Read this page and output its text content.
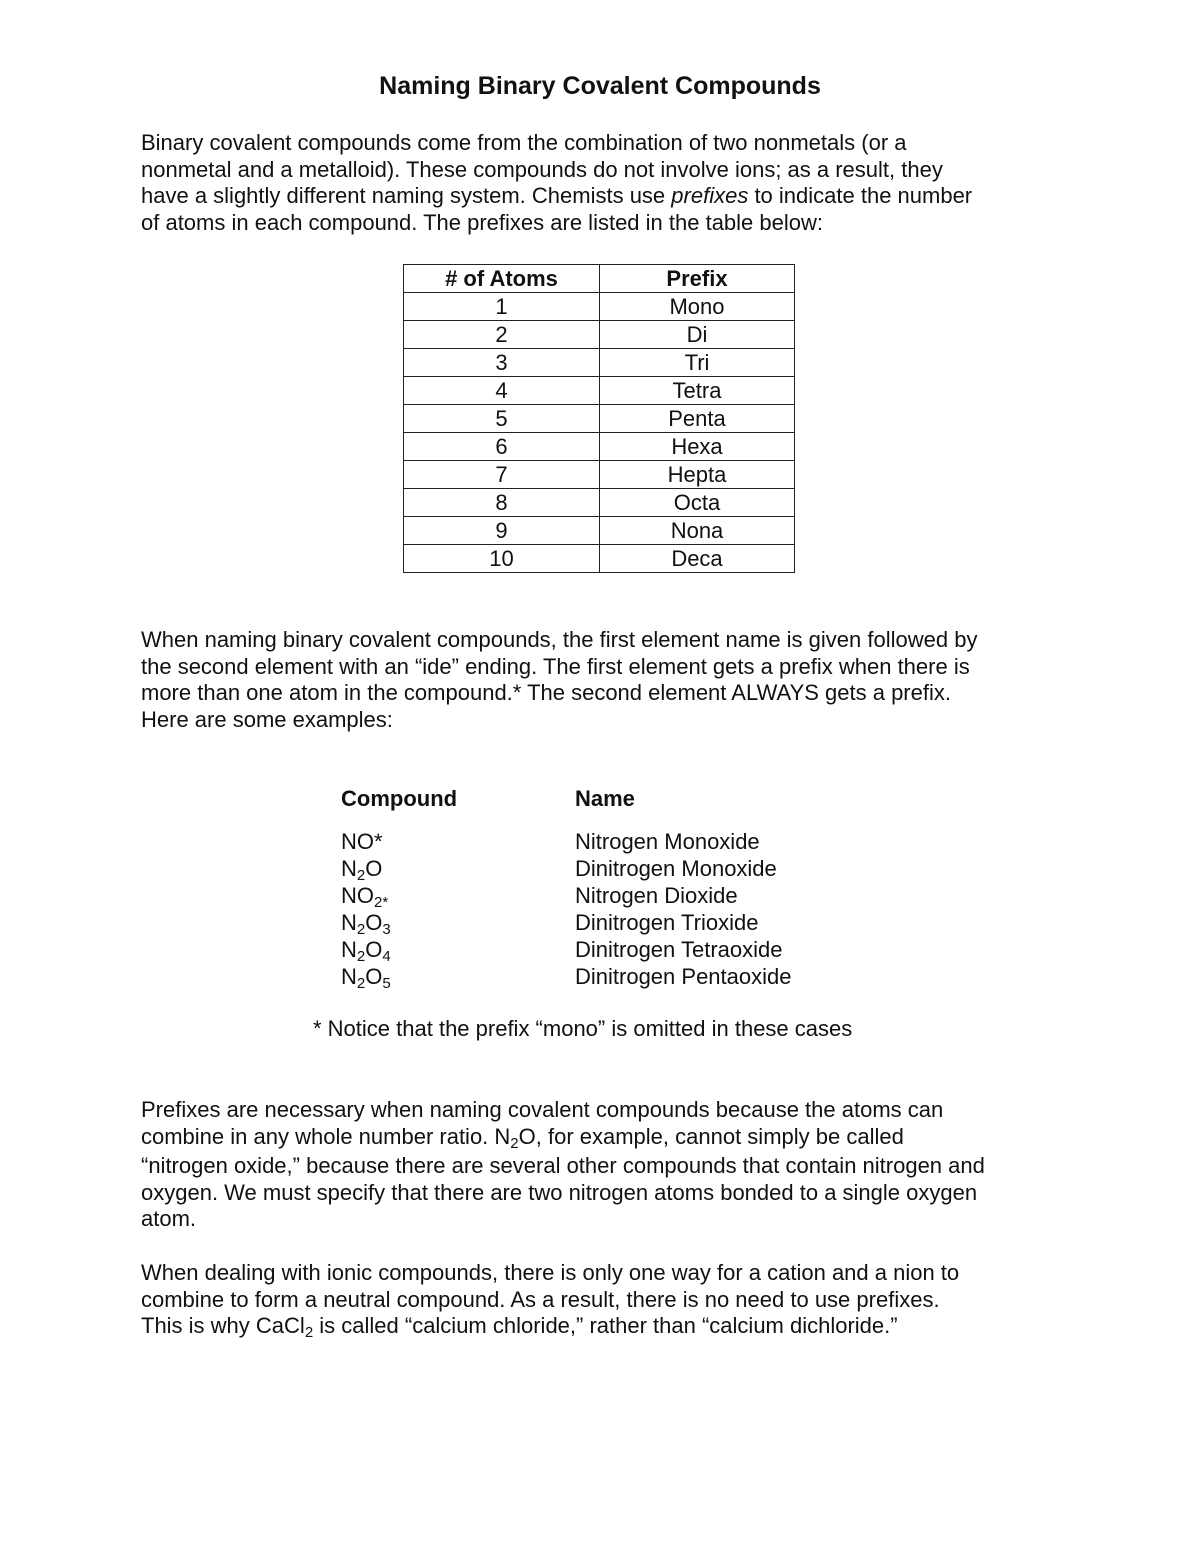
Naming Binary Covalent Compounds

Binary covalent compounds come from the combination of two nonmetals (or a
nonmetal and a metalloid). These compounds do not involve ions; as a result, they
have a slightly different naming system. Chemists use prefixes to indicate the number
of atoms in each compound. The prefixes are listed in the table below:

# of Atoms	Prefix
1	Mono
2	Di
3	Tri
4	Tetra
5	Penta
6	Hexa
7	Hepta
8	Octa
9	Nona
10	Deca

When naming binary covalent compounds, the first element name is given followed by
the second element with an “ide” ending. The first element gets a prefix when there is
more than one atom in the compound.* The second element ALWAYS gets a prefix.
Here are some examples:

Compound	Name
NO*	Nitrogen Monoxide
N2O	Dinitrogen Monoxide
NO2*	Nitrogen Dioxide
N2O3	Dinitrogen Trioxide
N2O4	Dinitrogen Tetraoxide
N2O5	Dinitrogen Pentaoxide
* Notice that the prefix “mono” is omitted in these cases

Prefixes are necessary when naming covalent compounds because the atoms can
combine in any whole number ratio. N2O, for example, cannot simply be called
“nitrogen oxide,” because there are several other compounds that contain nitrogen and
oxygen. We must specify that there are two nitrogen atoms bonded to a single oxygen
atom.

When dealing with ionic compounds, there is only one way for a cation and a nion to
combine to form a neutral compound. As a result, there is no need to use prefixes.
This is why CaCl2 is called “calcium chloride,” rather than “calcium dichloride.”
